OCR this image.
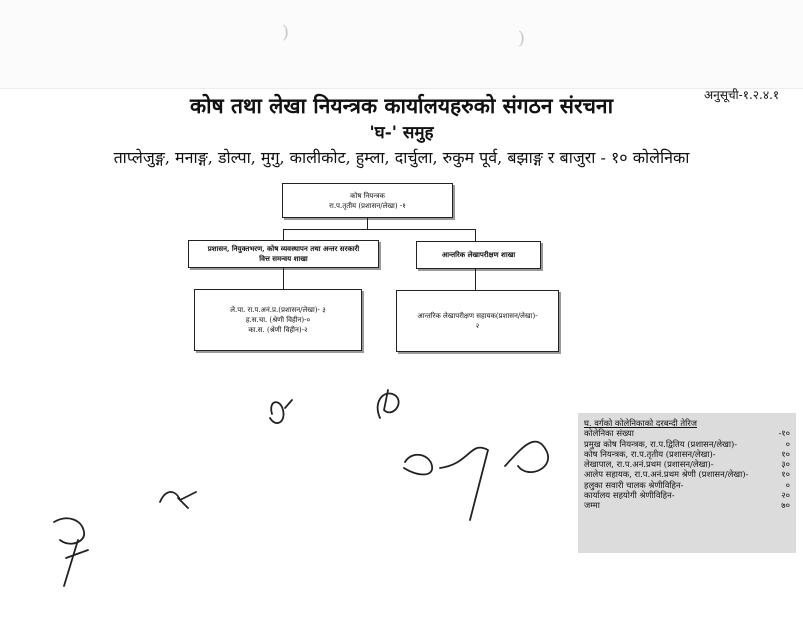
)	)
अनुसूची-१.२.४.१
कोष तथा लेखा नियन्त्रक कार्यालयहरुको संगठन संरचना
'घ-' समुह
ताप्लेजुङ्ग, मनाङ्ग, डोल्पा, मुगु, कालीकोट, हुम्ला, दार्चुला, रुकुम पूर्व, बझाङ्ग र बाजुरा - १० कोलेनिका
कोष नियन्त्रक
रा.प.तृतीय (प्रशासन/लेखा) -१
प्रशासन, नियुक्तभरण, कोष व्यवस्थापन तथा अन्तर सरकारी
वित्त समन्वय शाखा	आन्तरिक लेखापरीक्षण शाखा
ले.पा. रा.प.अनं.प्र.(प्रशासन/लेखा)- ३
ह.स.चा. (श्रेणी विहीन)-०
का.स. (श्रेणी विहीन)-२
आन्तरिक लेखापरीक्षण सहायक(प्रशासन/लेखा)-
२
घ. वर्गको कोलेनिकाको दरबन्दी तेरिज
कोलेनिका संख्या	-१०
प्रमुख कोष नियन्त्रक, रा.प.द्वितिय (प्रशासन/लेखा)-	०
कोष नियन्त्रक, रा.प.तृतीय (प्रशासन/लेखा)-	१०
लेखापाल, रा.प.अनं.प्रथम (प्रशासन/लेखा)-	३०
आलेप सहायक, रा.प.अनं.प्रथम श्रेणी (प्रशासन/लेखा)-	१०
हलुका सवारी चालक श्रेणीविहिन-	०
कार्यालय सहयोगी श्रेणीविहिन-	२०
जम्मा	७०
